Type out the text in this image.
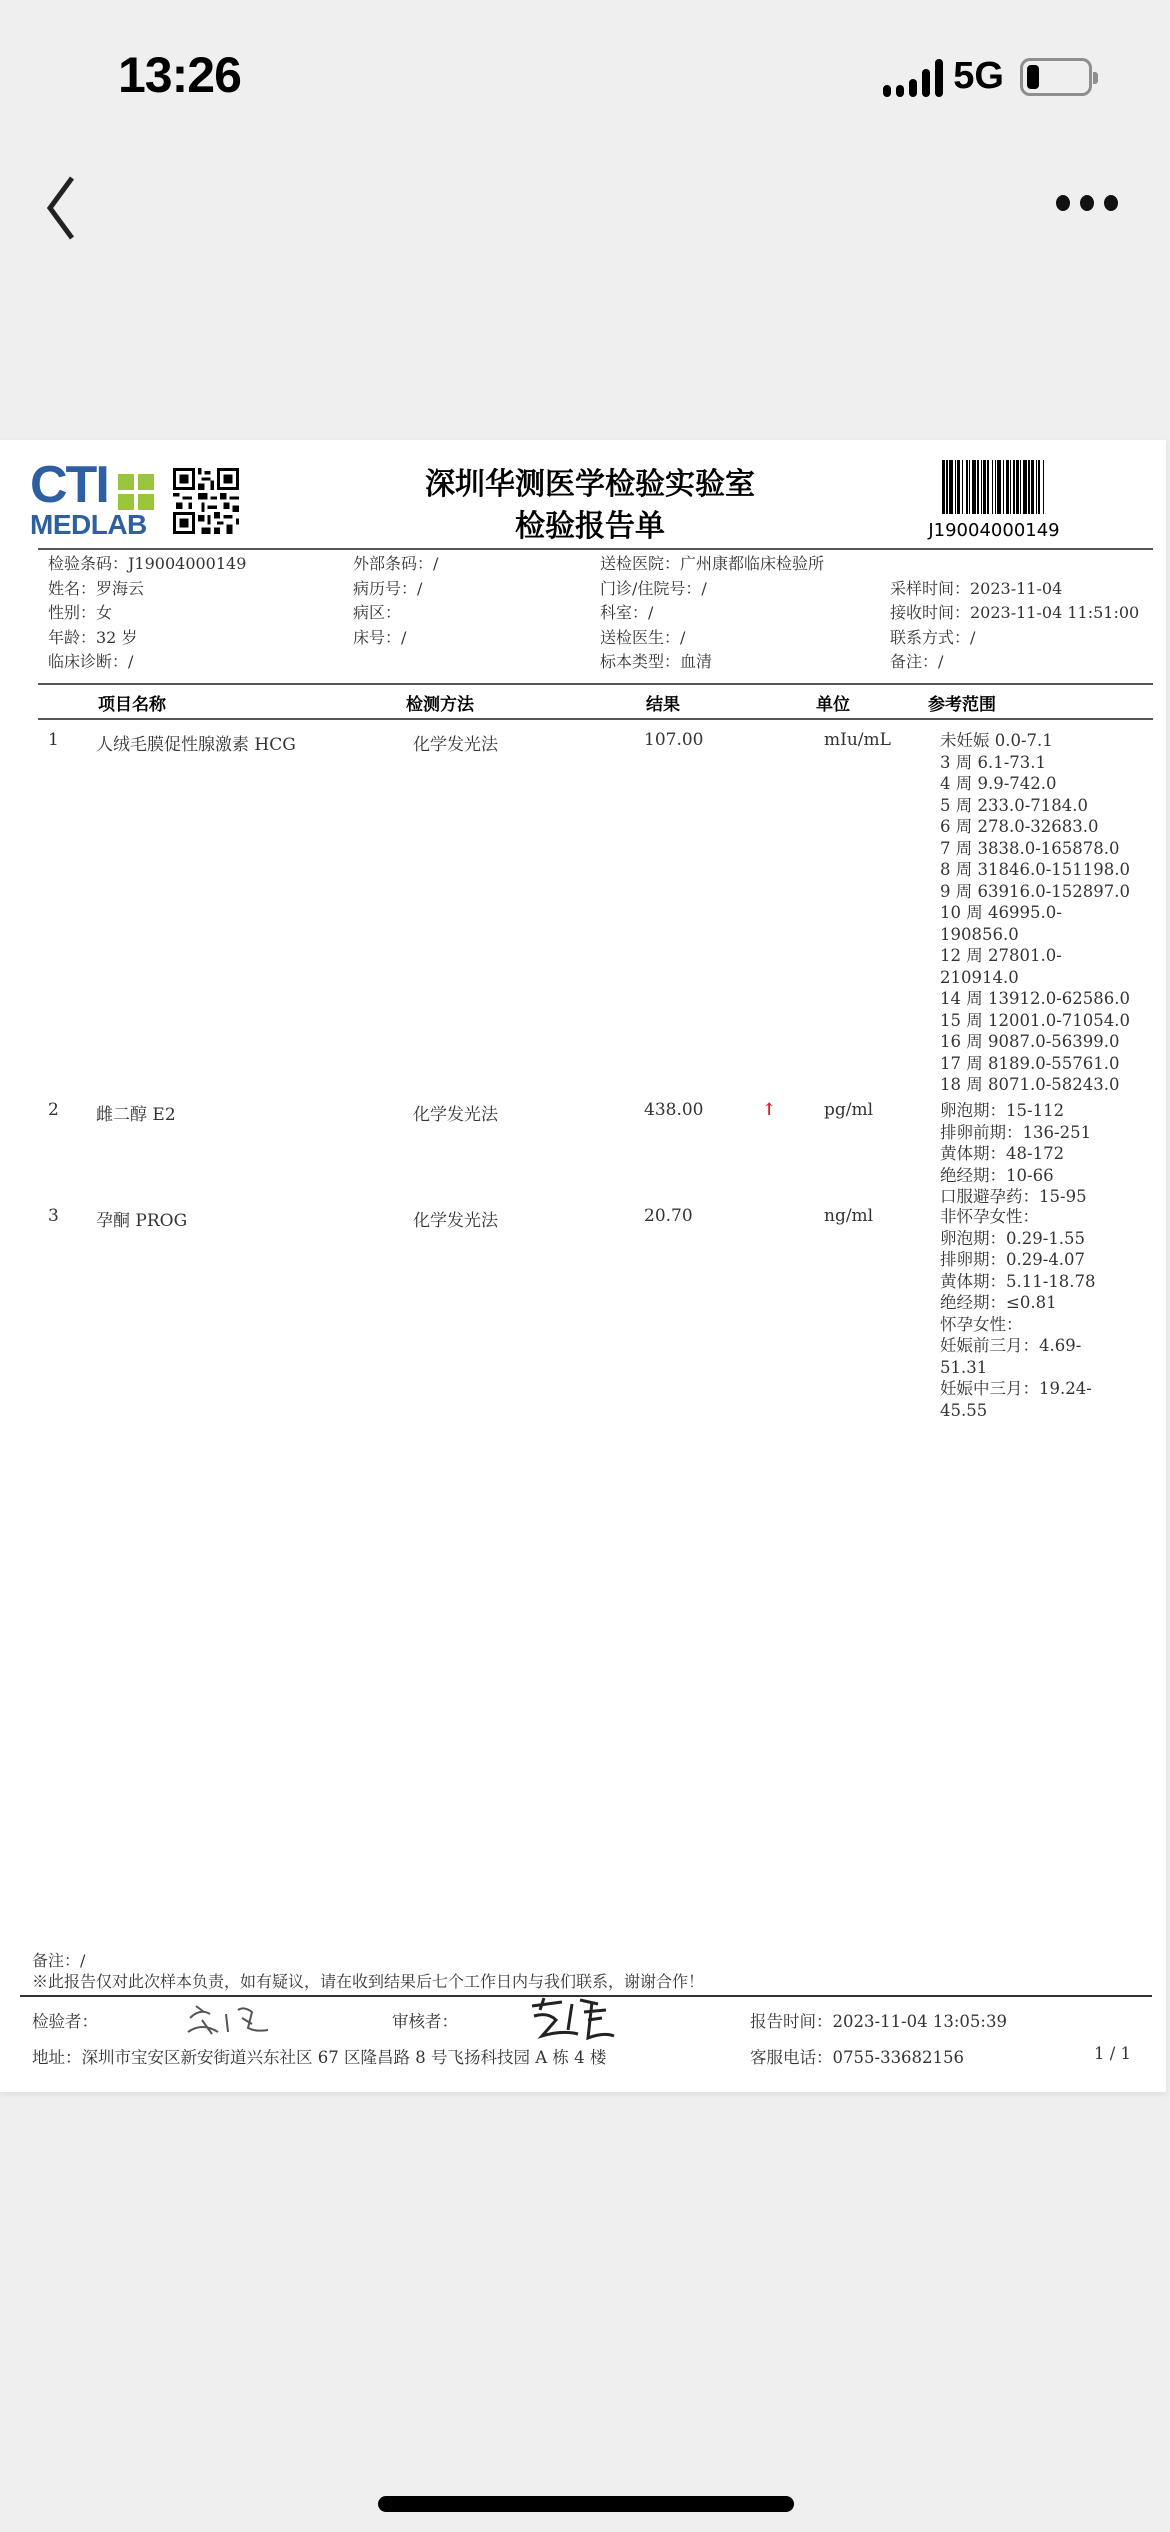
13:26	5G
CTI
MEDLAB
深圳华测医学检验实验室
检验报告单	J19004000149
检验条码：J19004000149	外部条码：/	送检医院：广州康都临床检验所
姓名：罗海云	病历号：/	门诊/住院号：/	采样时间：2023-11-04
性别：女	病区：	科室：/	接收时间：2023-11-04 11:51:00
年龄：32 岁	床号：/	送检医生：/	联系方式：/
临床诊断：/	标本类型：血清	备注：/
项目名称	检测方法	结果	单位	参考范围
1 人绒毛膜促性腺激素 HCG	化学发光法	107.00	mIu/mL	未妊娠 0.0-7.1
3 周 6.1-73.1
4 周 9.9-742.0
5 周 233.0-7184.0
6 周 278.0-32683.0
7 周 3838.0-165878.0
8 周 31846.0-151198.0
9 周 63916.0-152897.0
10 周 46995.0-
190856.0
12 周 27801.0-
210914.0
14 周 13912.0-62586.0
15 周 12001.0-71054.0
16 周 9087.0-56399.0
17 周 8189.0-55761.0
18 周 8071.0-58243.0
2 雌二醇 E2	化学发光法	438.00	↑	pg/ml	卵泡期：15-112
排卵前期：136-251
黄体期：48-172
绝经期：10-66
口服避孕药：15-95
3 孕酮 PROG	化学发光法	20.70	ng/ml	非怀孕女性：
卵泡期：0.29-1.55
排卵期：0.29-4.07
黄体期：5.11-18.78
绝经期：≤0.81
怀孕女性：
妊娠前三月：4.69-
51.31
妊娠中三月：19.24-
45.55
备注：/
※此报告仅对此次样本负责，如有疑议，请在收到结果后七个工作日内与我们联系，谢谢合作！
检验者：	审核者：	报告时间：2023-11-04 13:05:39
地址：深圳市宝安区新安街道兴东社区 67 区隆昌路 8 号飞扬科技园 A 栋 4 楼	客服电话：0755-33682156	1 / 1
